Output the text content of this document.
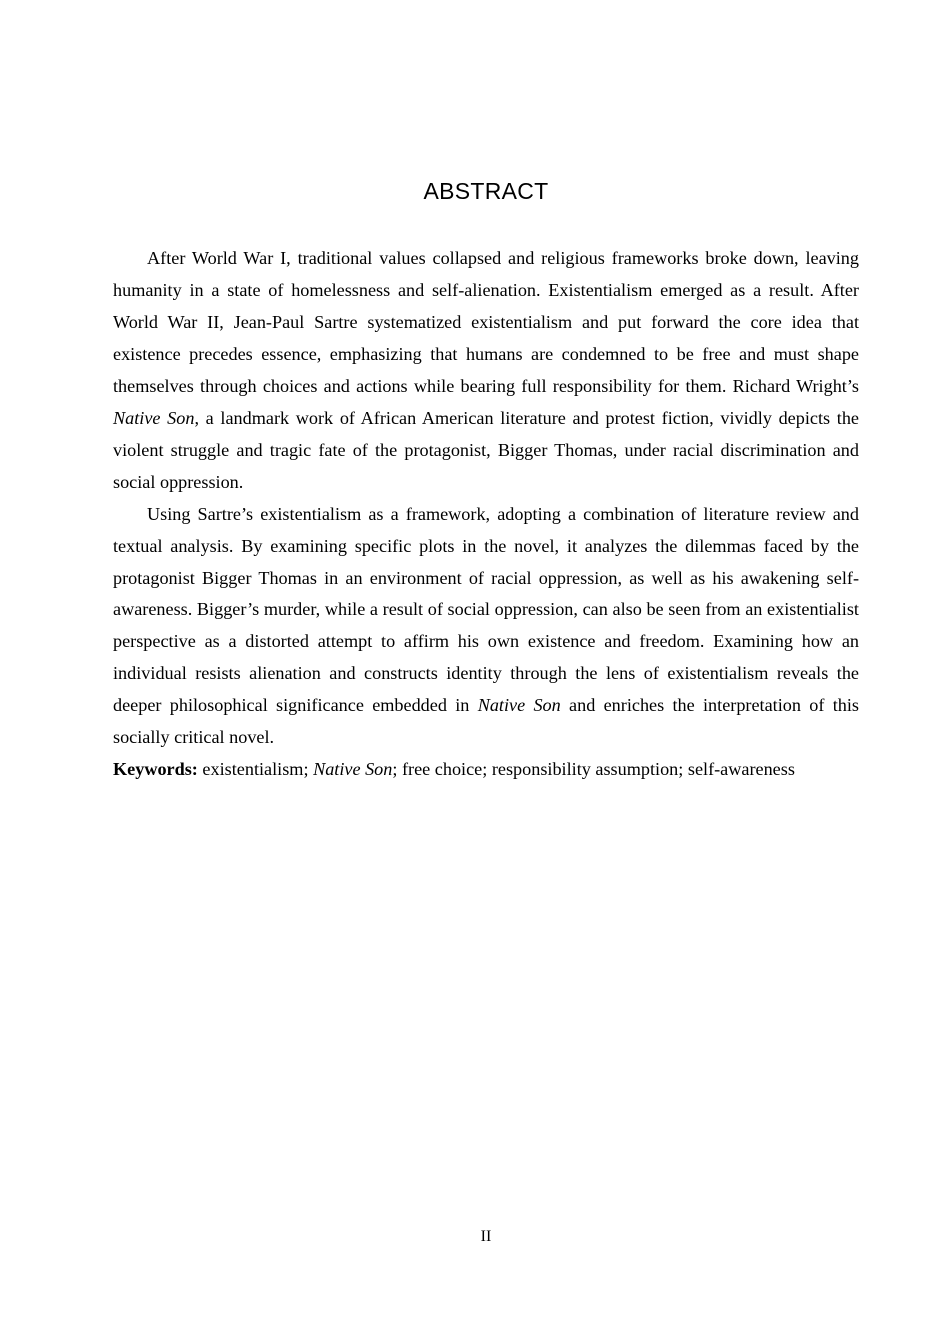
ABSTRACT

After World War I, traditional values collapsed and religious frameworks broke down, leaving humanity in a state of homelessness and self-alienation. Existentialism emerged as a result. After World War II, Jean-Paul Sartre systematized existentialism and put forward the core idea that existence precedes essence, emphasizing that humans are condemned to be free and must shape themselves through choices and actions while bearing full responsibility for them. Richard Wright’s Native Son, a landmark work of African American literature and protest fiction, vividly depicts the violent struggle and tragic fate of the protagonist, Bigger Thomas, under racial discrimination and social oppression.

Using Sartre’s existentialism as a framework, adopting a combination of literature review and textual analysis. By examining specific plots in the novel, it analyzes the dilemmas faced by the protagonist Bigger Thomas in an environment of racial oppression, as well as his awakening self-awareness. Bigger’s murder, while a result of social oppression, can also be seen from an existentialist perspective as a distorted attempt to affirm his own existence and freedom. Examining how an individual resists alienation and constructs identity through the lens of existentialism reveals the deeper philosophical significance embedded in Native Son and enriches the interpretation of this socially critical novel.

Keywords: existentialism; Native Son; free choice; responsibility assumption; self-awareness

II
